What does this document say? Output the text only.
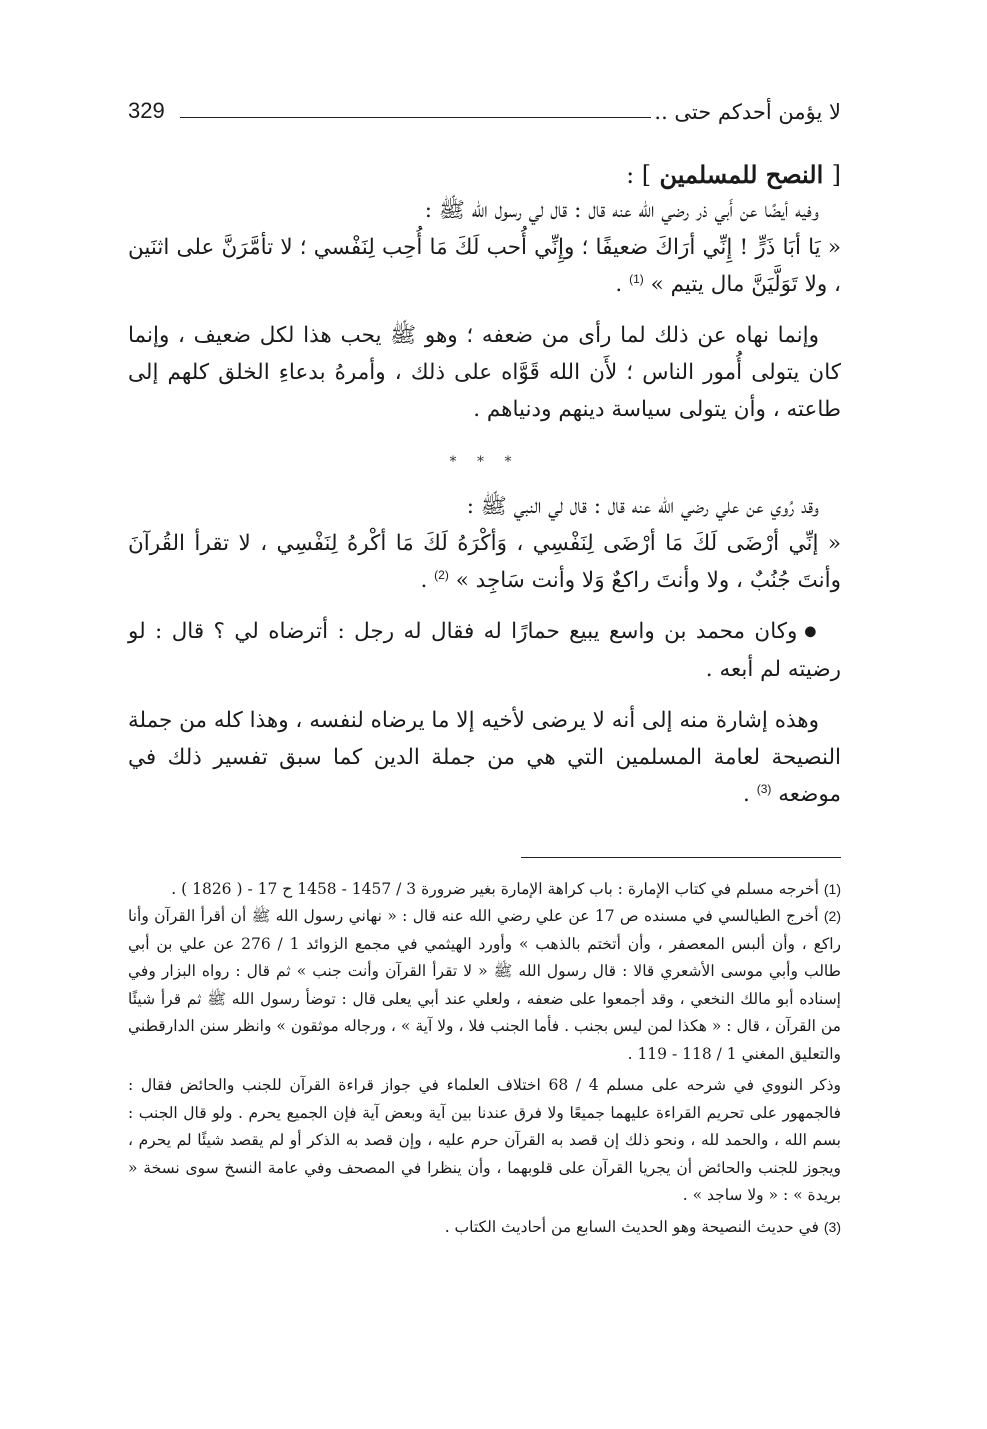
لا يؤمن أحدكم حتى ..
329
[ النصح للمسلمين ] :

وفيه أيضًا عن أَبي ذر رضي الله عنه قال : قال لي رسول الله ﷺ :

« يَا أبَا ذَرٍّ ! إِنِّي أرَاكَ ضعيفًا ؛ وإِنِّي أُحب لَكَ مَا أُحِب لِنَفْسي ؛ لا تأمَّرَنَّ على اثنَين ، ولا تَوَلَّيَنَّ مال يتيم » $^{(1)}$ .

وإنما نهاه عن ذلك لما رأى من ضعفه ؛ وهو ﷺ يحب هذا لكل ضعيف ، وإنما كان يتولى أُمور الناس ؛ لأَن الله قَوَّاه على ذلك ، وأمرهُ بدعاءِ الخلق كلهم إلى طاعته ، وأن يتولى سياسة دينهم ودنياهم .

* * *

وقد رُوي عن علي رضي الله عنه قال : قال لي النبي ﷺ :

« إنِّي أرْضَى لَكَ مَا أرْضَى لِنَفْسِي ، وَأكْرَهُ لَكَ مَا أكْرهُ لِنَفْسِي ، لا تقرأ القُرآنَ وأنتَ جُنُبٌ ، ولا وأنتَ راكعٌ وَلا وأنت سَاجِد » $^{(2)}$ .

● وكان محمد بن واسع يبيع حمارًا له فقال له رجل : أترضاه لي ؟ قال : لو رضيته لم أبعه .

وهذه إشارة منه إلى أنه لا يرضى لأخيه إلا ما يرضاه لنفسه ، وهذا كله من جملة النصيحة لعامة المسلمين التي هي من جملة الدين كما سبق تفسير ذلك في موضعه $^{(3)}$ .

(1) أخرجه مسلم في كتاب الإمارة : باب كراهة الإمارة بغير ضرورة 3 / 1457 - 1458 ح 17 - ( 1826 ) .

(2) أخرج الطيالسي في مسنده ص 17 عن علي رضي الله عنه قال : « نهاني رسول الله ﷺ أن أقرأ القرآن وأنا راكع ، وأن ألبس المعصفر ، وأن أتختم بالذهب » وأورد الهيثمي في مجمع الزوائد 1 / 276 عن علي بن أبي طالب وأبي موسى الأشعري قالا : قال رسول الله ﷺ « لا تقرأ القرآن وأنت جنب » ثم قال : رواه البزار وفي إسناده أبو مالك النخعي ، وقد أجمعوا على ضعفه ، ولعلي عند أبي يعلى قال : توضأ رسول الله ﷺ ثم قرأ شيئًا من القرآن ، قال : « هكذا لمن ليس بجنب . فأما الجنب فلا ، ولا آية » ، ورجاله موثقون » وانظر سنن الدارقطني والتعليق المغني 1 / 118 - 119 .

وذكر النووي في شرحه على مسلم 4 / 68 اختلاف العلماء في جواز قراءة القرآن للجنب والحائض فقال : فالجمهور على تحريم القراءة عليهما جميعًا ولا فرق عندنا بين آية وبعض آية فإن الجميع يحرم . ولو قال الجنب : بسم الله ، والحمد لله ، ونحو ذلك إن قصد به القرآن حرم عليه ، وإن قصد به الذكر أو لم يقصد شيئًا لم يحرم ، ويجوز للجنب والحائض أن يجريا القرآن على قلوبهما ، وأن ينظرا في المصحف وفي عامة النسخ سوى نسخة « بريدة » : « ولا ساجد » .

(3) في حديث النصيحة وهو الحديث السابع من أحاديث الكتاب .
